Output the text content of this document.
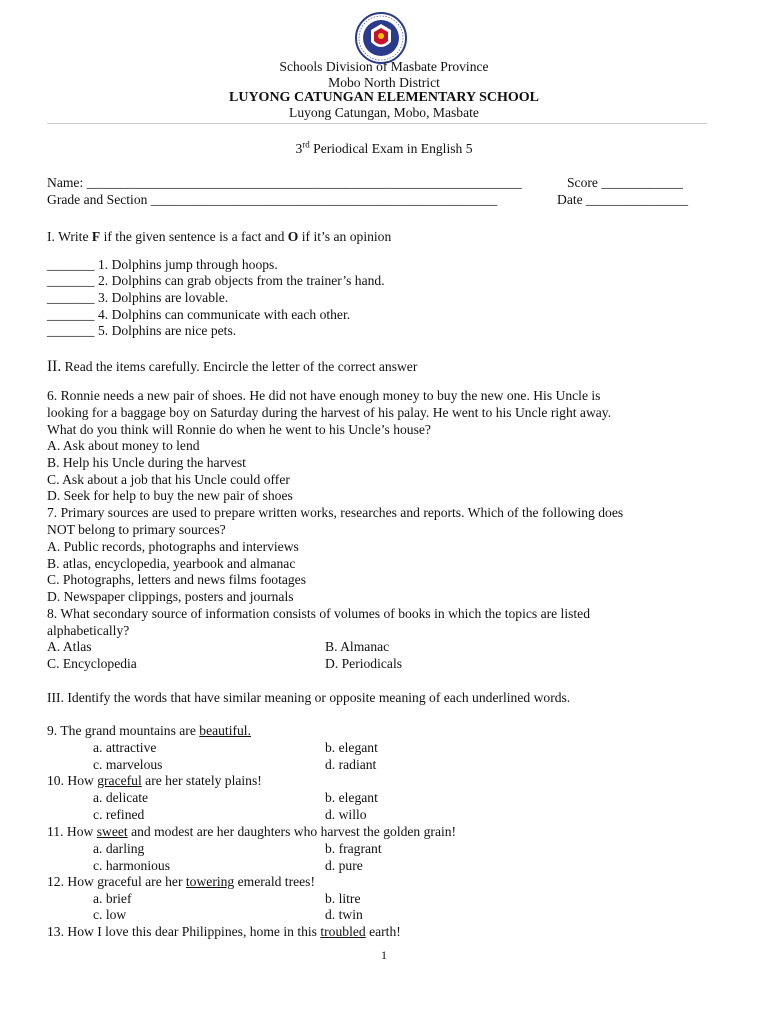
Schools Division of Masbate Province
Mobo North District
LUYONG CATUNGAN ELEMENTARY SCHOOL
Luyong Catungan, Mobo, Masbate
3rd Periodical Exam in English 5
Name: ________________________________________________________________	Score ____________
Grade and Section ___________________________________________________	Date _______________
I. Write F if the given sentence is a fact and O if it’s an opinion
_______ 1. Dolphins jump through hoops.
_______ 2. Dolphins can grab objects from the trainer’s hand.
_______ 3. Dolphins are lovable.
_______ 4. Dolphins can communicate with each other.
_______ 5. Dolphins are nice pets.
II. Read the items carefully. Encircle the letter of the correct answer
6. Ronnie needs a new pair of shoes. He did not have enough money to buy the new one. His Uncle is
looking for a baggage boy on Saturday during the harvest of his palay. He went to his Uncle right away.
What do you think will Ronnie do when he went to his Uncle’s house?
A. Ask about money to lend
B. Help his Uncle during the harvest
C. Ask about a job that his Uncle could offer
D. Seek for help to buy the new pair of shoes
7. Primary sources are used to prepare written works, researches and reports. Which of the following does
NOT belong to primary sources?
A. Public records, photographs and interviews
B. atlas, encyclopedia, yearbook and almanac
C. Photographs, letters and news films footages
D. Newspaper clippings, posters and journals
8. What secondary source of information consists of volumes of books in which the topics are listed
alphabetically?
A. Atlas	B. Almanac
C. Encyclopedia	D. Periodicals
III. Identify the words that have similar meaning or opposite meaning of each underlined words.
9. The grand mountains are beautiful.
a. attractive	b. elegant
c. marvelous	d. radiant
10. How graceful are her stately plains!
a. delicate	b. elegant
c. refined	d. willo
11. How sweet and modest are her daughters who harvest the golden grain!
a. darling	b. fragrant
c. harmonious	d. pure
12. How graceful are her towering emerald trees!
a. brief	b. litre
c. low	d. twin
13. How I love this dear Philippines, home in this troubled earth!
1
